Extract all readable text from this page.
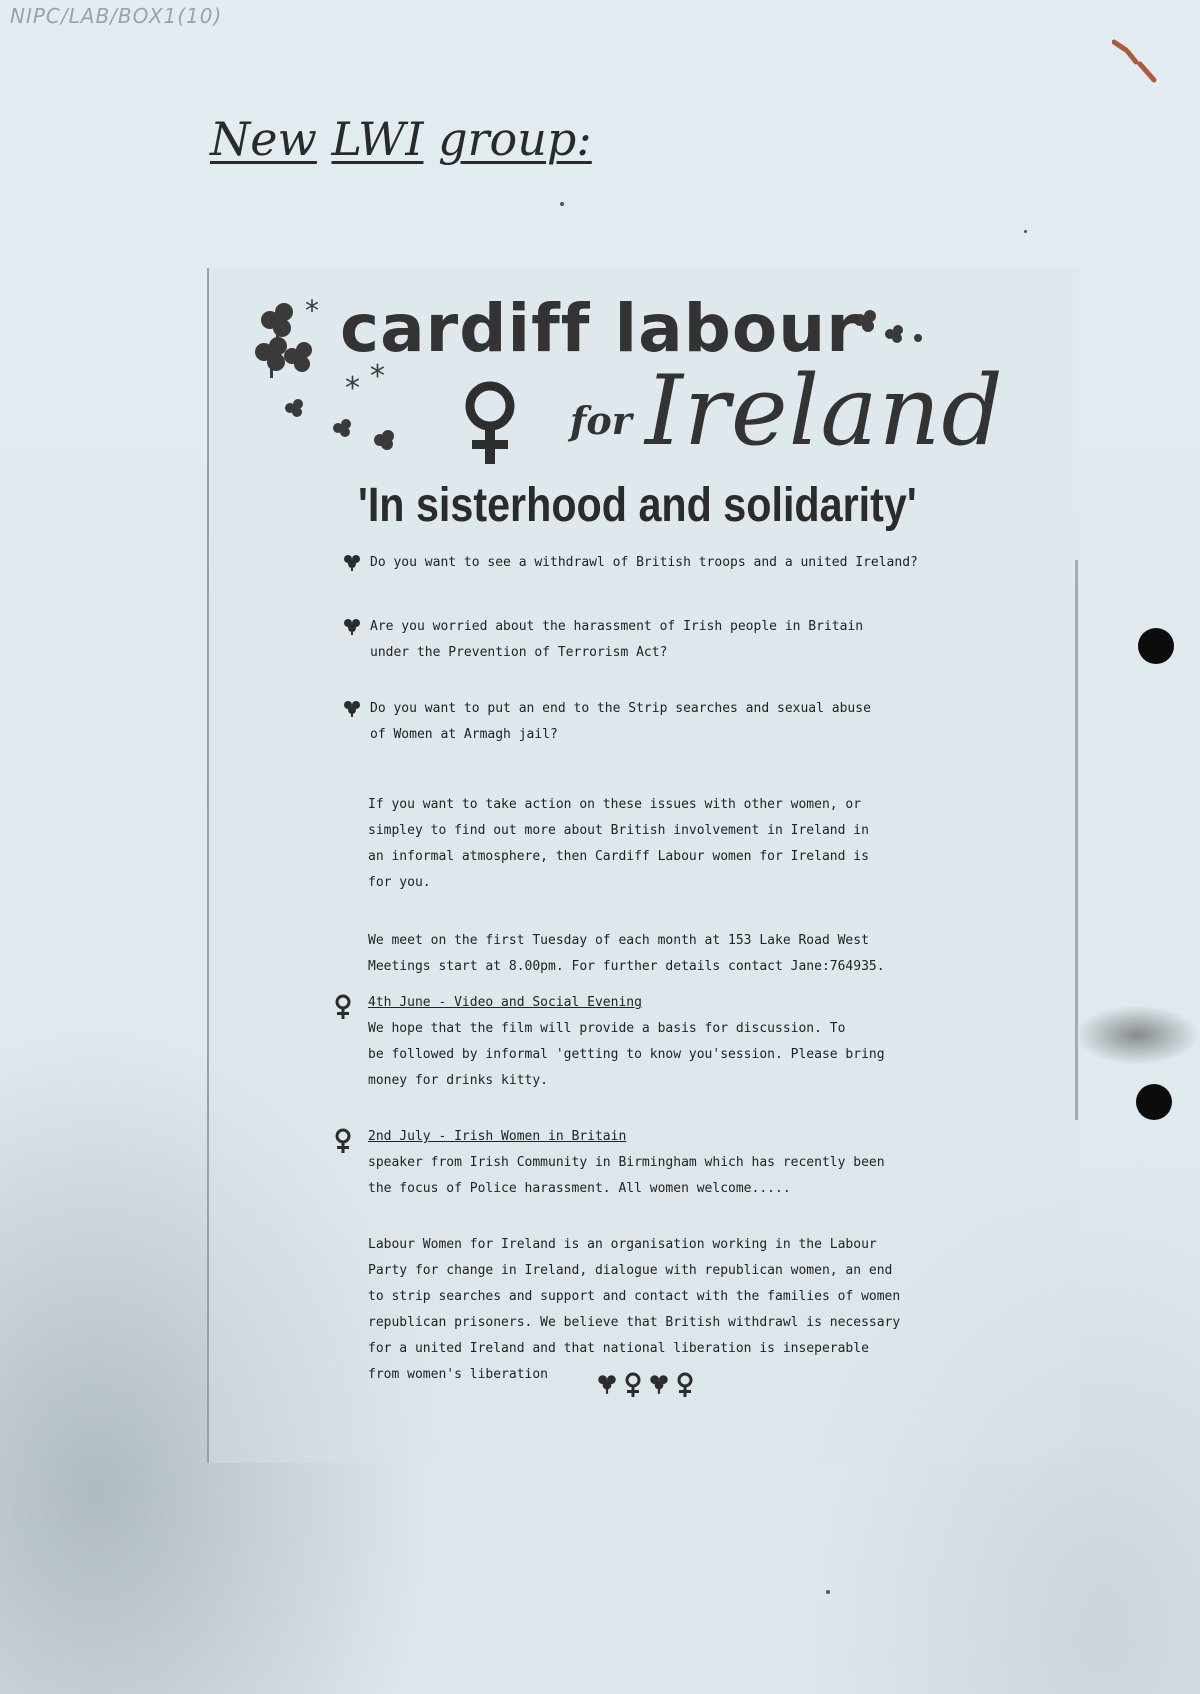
NIPC/LAB/BOX1(10)
New LWI group:
*
* *
cardiff labour
for Ireland
'In sisterhood and solidarity'
Do you want to see a withdrawl of British troops and a united Ireland?
Are you worried about the harassment of Irish people in Britain
under the Prevention of Terrorism Act?
Do you want to put an end to the Strip searches and sexual abuse
of Women at Armagh jail?
If you want to take action on these issues with other women, or
simpley to find out more about British involvement in Ireland in
an informal atmosphere, then Cardiff Labour women for Ireland is
for you.
We meet on the first Tuesday of each month at 153 Lake Road West
Meetings start at 8.00pm. For further details contact Jane:764935.
4th June - Video and Social Evening
We hope that the film will provide a basis for discussion. To
be followed by informal 'getting to know you'session. Please bring
money for drinks kitty.
2nd July - Irish Women in Britain
speaker from Irish Community in Birmingham which has recently been
the focus of Police harassment. All women welcome.....
Labour Women for Ireland is an organisation working in the Labour
Party for change in Ireland, dialogue with republican women, an end
to strip searches and support and contact with the families of women
republican prisoners. We believe that British withdrawl is necessary
for a united Ireland and that national liberation is inseperable
from women's liberation
